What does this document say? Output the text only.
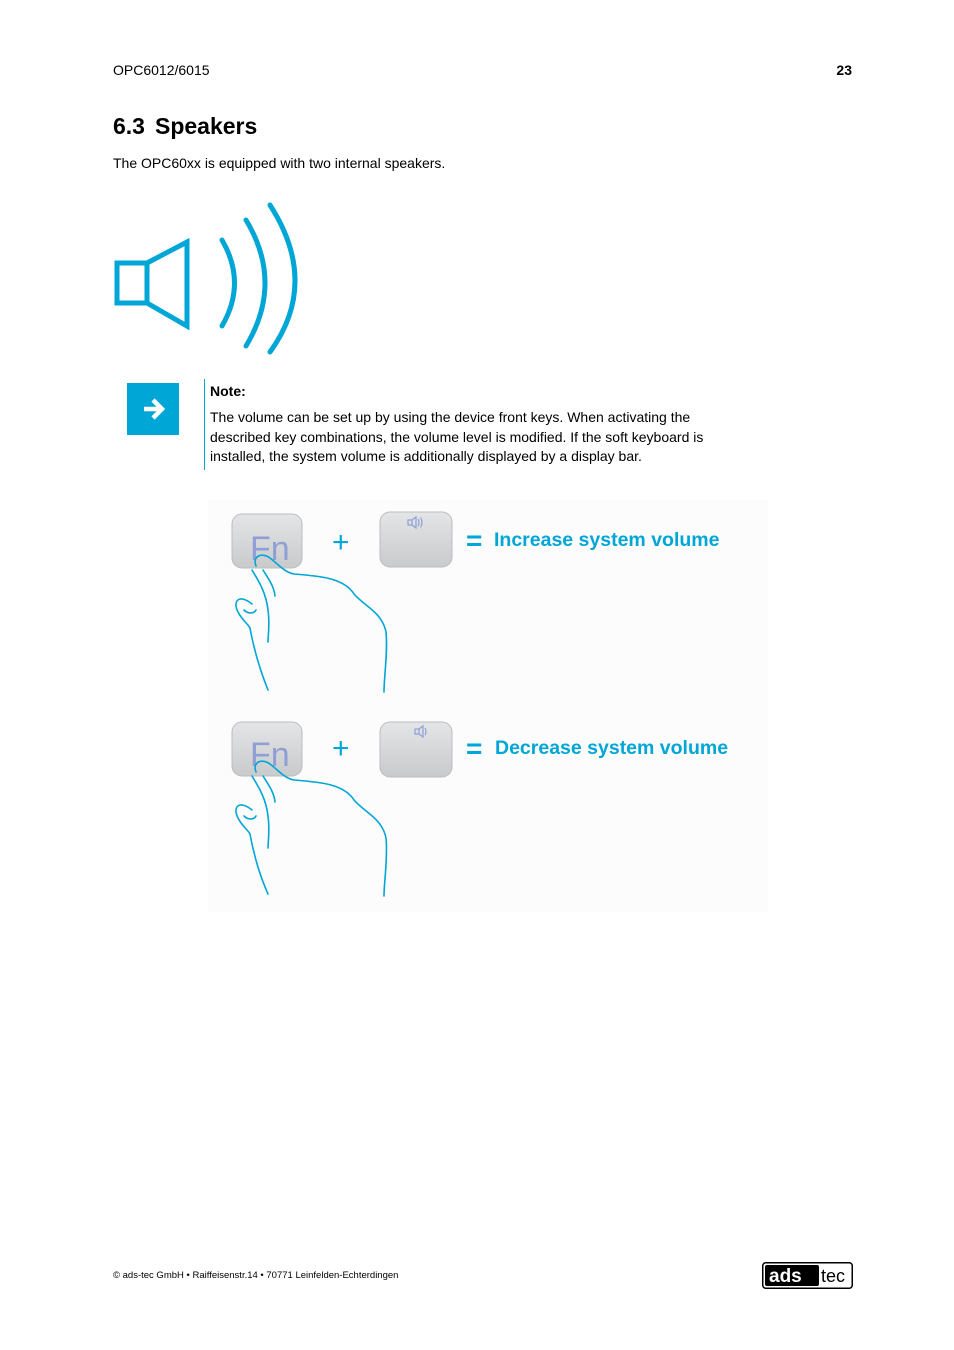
OPC6012/6015	23
6.3 Speakers
The OPC60xx is equipped with two internal speakers.
Note:
The volume can be set up by using the device front keys. When activating the described key combinations, the volume level is modified. If the soft keyboard is installed, the system volume is additionally displayed by a display bar.
Fn +	= Increase system volume
Fn +	= Decrease system volume
© ads-tec GmbH • Raiffeisenstr.14 • 70771 Leinfelden-Echterdingen	ads tec
